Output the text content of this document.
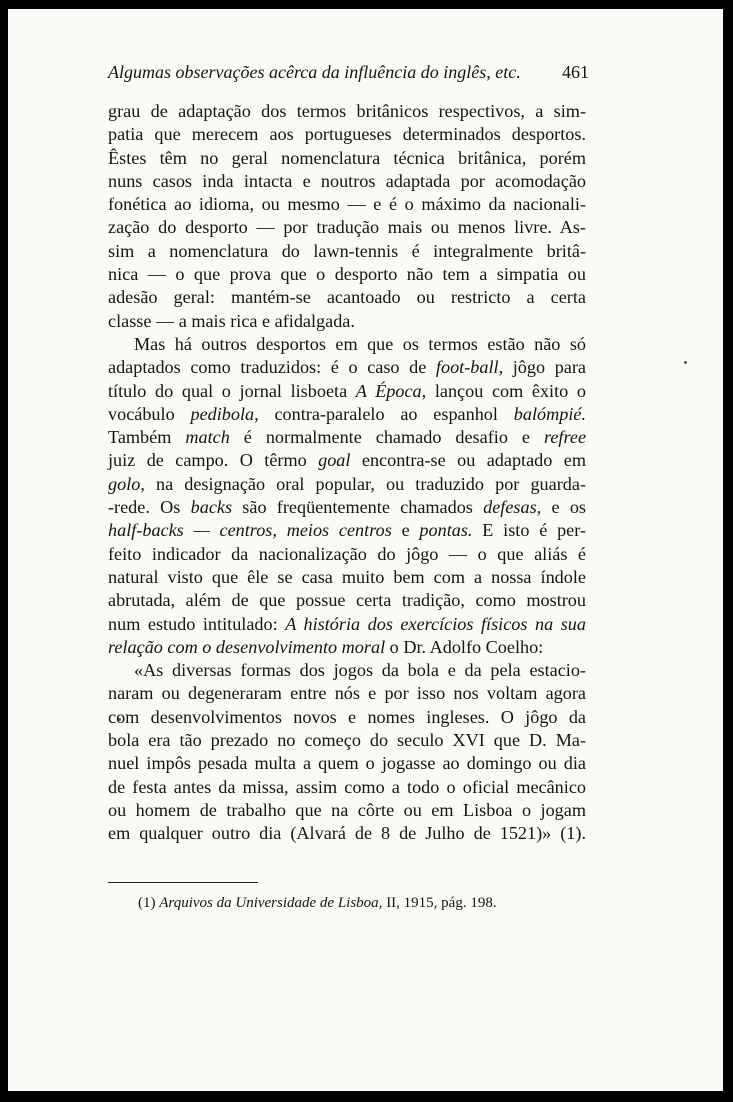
Algumas observações acêrca da influência do inglês, etc. 461

grau de adaptação dos termos britânicos respectivos, a sim-
patia que merecem aos portugueses determinados desportos.
Êstes têm no geral nomenclatura técnica britânica, porém
nuns casos inda intacta e noutros adaptada por acomodação
fonética ao idioma, ou mesmo — e é o máximo da nacionali-
zação do desporto — por tradução mais ou menos livre. As-
sim a nomenclatura do lawn-tennis é integralmente britâ-
nica — o que prova que o desporto não tem a simpatia ou
adesão geral: mantém-se acantoado ou restricto a certa
classe — a mais rica e afidalgada.

Mas há outros desportos em que os termos estão não só
adaptados como traduzidos: é o caso de foot-ball, jôgo para
título do qual o jornal lisboeta A Época, lançou com êxito o
vocábulo pedibola, contra-paralelo ao espanhol balómpié.
Também match é normalmente chamado desafio e refree
juiz de campo. O têrmo goal encontra-se ou adaptado em
golo, na designação oral popular, ou traduzido por guarda-
-rede. Os backs são freqüentemente chamados defesas, e os
half-backs — centros, meios centros e pontas. E isto é per-
feito indicador da nacionalização do jôgo — o que aliás é
natural visto que êle se casa muito bem com a nossa índole
abrutada, além de que possue certa tradição, como mostrou
num estudo intitulado: A história dos exercícios físicos na sua
relação com o desenvolvimento moral o Dr. Adolfo Coelho:

«As diversas formas dos jogos da bola e da pela estacio-
naram ou degeneraram entre nós e por isso nos voltam agora
com desenvolvimentos novos e nomes ingleses. O jôgo da
bola era tão prezado no começo do seculo XVI que D. Ma-
nuel impôs pesada multa a quem o jogasse ao domingo ou dia
de festa antes da missa, assim como a todo o oficial mecânico
ou homem de trabalho que na côrte ou em Lisboa o jogam
em qualquer outro dia (Alvará de 8 de Julho de 1521)» (1).

(1) Arquivos da Universidade de Lisboa, II, 1915, pág. 198.
